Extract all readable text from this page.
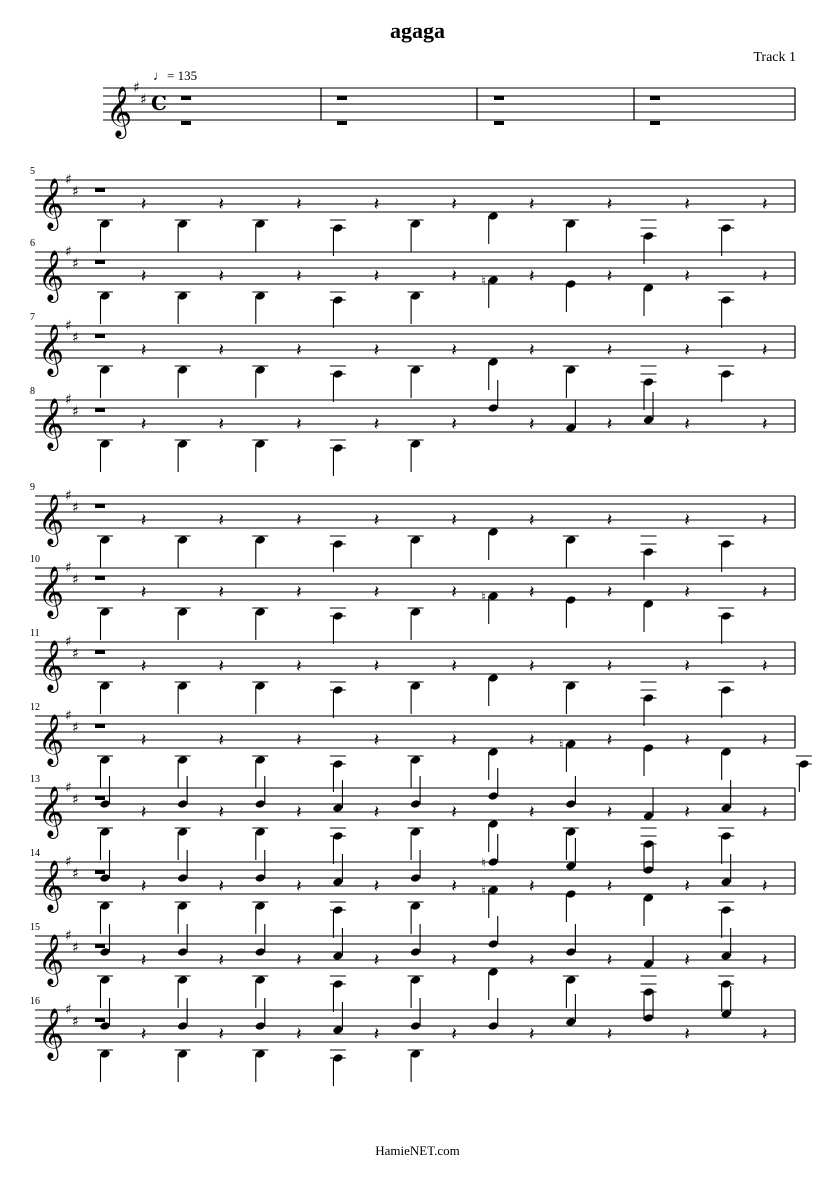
agaga
Track 1
𝄞 ♯
♯ C
♩ = 135
𝄞 ♯
♯
5
𝄽	𝄽	𝄽	𝄽	𝄽	𝄽	𝄽	𝄽	𝄽
𝄞 ♯
♯
6
𝄽	𝄽	𝄽	𝄽	𝄽	𝄽	𝄽	𝄽	𝄽
♮
𝄞 ♯
♯
7
𝄽	𝄽	𝄽	𝄽	𝄽	𝄽	𝄽	𝄽	𝄽
𝄞 ♯
♯
8
𝄽	𝄽	𝄽	𝄽	𝄽	𝄽	𝄽	𝄽	𝄽
𝄞 ♯
♯
9
𝄽	𝄽	𝄽	𝄽	𝄽	𝄽	𝄽	𝄽	𝄽
𝄞 ♯
♯
10
𝄽	𝄽	𝄽	𝄽	𝄽	𝄽	𝄽	𝄽	𝄽
♮
𝄞 ♯
♯
11
𝄽	𝄽	𝄽	𝄽	𝄽	𝄽	𝄽	𝄽	𝄽
𝄞 ♯
♯
12
𝄽	𝄽	𝄽	𝄽	𝄽	𝄽	𝄽	𝄽	𝄽
♮
𝄞 ♯
♯
13
𝄽	𝄽	𝄽	𝄽	𝄽	𝄽	𝄽	𝄽	𝄽
𝄞 ♯
♯
14
𝄽	𝄽	𝄽	𝄽	𝄽	𝄽	𝄽	𝄽	𝄽
♮
♮
𝄞 ♯
♯
15
𝄽	𝄽	𝄽	𝄽	𝄽	𝄽	𝄽	𝄽	𝄽
𝄞 ♯
♯
16
𝄽	𝄽	𝄽	𝄽	𝄽	𝄽	𝄽	𝄽	𝄽
HamieNET.com
